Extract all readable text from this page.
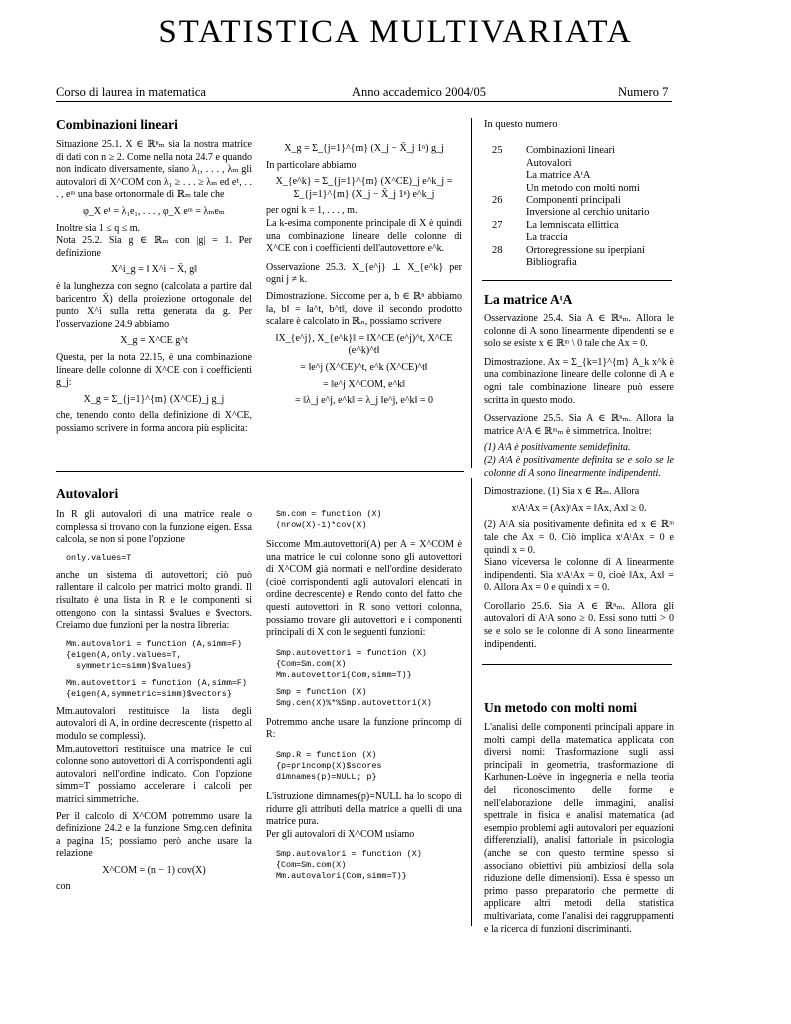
STATISTICA MULTIVARIATA
Corso di laurea in matematica	Anno accademico 2004/05	Numero 7
Combinazioni lineari

Situazione 25.1. X ∈ ℝⁿₘ sia la nostra matrice di dati con n ≥ 2. Come nella nota 24.7 e quando non indicato diversamente, siano λ₁, . . . , λₘ gli autovalori di X^COM con λ₁ ≥ . . . ≥ λₘ ed e¹, . . . , eᵐ una base ortonormale di ℝₘ tale che

φ_X e¹ = λ₁e₁, . . . , φ_X eᵐ = λₘeₘ

Inoltre sia 1 ≤ q ≤ m.

Nota 25.2. Sia g ∈ ℝₘ con |g| = 1. Per definizione

X^i_g = ‖ X^i − X̄, g‖

è la lunghezza con segno (calcolata a partire dal baricentro X̄) della proiezione ortogonale del punto X^i sulla retta generata da g. Per l'osservazione 24.9 abbiamo

X_g = X^CE g^t

Questa, per la nota 22.15, è una combinazione lineare delle colonne di X^CE con i coefficienti g_j:

X_g = Σ_{j=1}^{m} (X^CE)_j g_j

che, tenendo conto della definizione di X^CE, possiamo scrivere in forma ancora più esplicita:

X_g = Σ_{j=1}^{m} (X_j − X̄_j 1ⁿ) g_j

In particolare abbiamo

X_{e^k} = Σ_{j=1}^{m} (X^CE)_j e^k_j = Σ_{j=1}^{m} (X_j − X̄_j 1ⁿ) e^k_j

per ogni k = 1, . . . , m.

La k-esima componente principale di X è quindi una combinazione lineare delle colonne di X^CE con i coefficienti dell'autovettore e^k.

Osservazione 25.3. X_{e^j} ⊥ X_{e^k} per ogni j ≠ k.

Dimostrazione. Siccome per a, b ∈ ℝⁿ abbiamo ‖a, b‖ = ‖a^t, b^t‖, dove il secondo prodotto scalare è calcolato in ℝₙ, possiamo scrivere

‖X_{e^j}, X_{e^k}‖ = ‖X^CE (e^j)^t, X^CE (e^k)^t‖

= ‖e^j (X^CE)^t, e^k (X^CE)^t‖

= ‖e^j X^COM, e^k‖

= ‖λ_j e^j, e^k‖ = λ_j ‖e^j, e^k‖ = 0

In questo numero
25	Combinazioni lineari
Autovalori
La matrice AᵗA
Un metodo con molti nomi
26	Componenti principali
Inversione al cerchio unitario
27	La lemniscata ellittica
La traccia
28	Ortoregressione su iperpiani
Bibliografia
La matrice AᵗA

Osservazione 25.4. Sia A ∈ ℝⁿₘ. Allora le colonne di A sono linearmente dipendenti se e solo se esiste x ∈ ℝᵐ \ 0 tale che Ax = 0.

Dimostrazione. Ax = Σ_{k=1}^{m} A_k x^k è una combinazione lineare delle colonne di A e ogni tale combinazione lineare può essere scritta in questo modo.

Osservazione 25.5. Sia A ∈ ℝⁿₘ. Allora la matrice AᵗA ∈ ℝᵐₘ è simmetrica. Inoltre:

(1) AᵗA è positivamente semidefinita.

(2) AᵗA è positivamente definita se e solo se le colonne di A sono linearmente indipendenti.

Dimostrazione. (1) Sia x ∈ ℝₘ. Allora

xᵗAᵗAx = (Ax)ᵗAx = ‖Ax, Ax‖ ≥ 0.

(2) AᵗA sia positivamente definita ed x ∈ ℝᵐ tale che Ax = 0. Ciò implica xᵗAᵗAx = 0 e quindi x = 0.

Siano viceversa le colonne di A linearmente indipendenti. Sia xᵗAᵗAx = 0, cioè ‖Ax, Ax‖ = 0. Allora Ax = 0 e quindi x = 0.

Corollario 25.6. Sia A ∈ ℝⁿₘ. Allora gli autovalori di AᵗA sono ≥ 0. Essi sono tutti > 0 se e solo se le colonne di A sono linearmente indipendenti.

Un metodo con molti nomi

L'analisi delle componenti principali appare in molti campi della matematica applicata con diversi nomi: Trasformazione sugli assi principali in geometria, trasformazione di Karhunen-Loève in ingegneria e nella teoria del riconoscimento delle forme e nell'elaborazione delle immagini, analisi spettrale in fisica e analisi matematica (ad esempio problemi agli autovalori per equazioni differenziali), analisi fattoriale in psicologia (anche se con questo termine spesso si associano obiettivi più ambiziosi della sola riduzione delle dimensioni). Essa è spesso un primo passo preparatorio che permette di applicare altri metodi della statistica multivariata, come l'analisi dei raggruppamenti e la ricerca di funzioni discriminanti.

Autovalori

In R gli autovalori di una matrice reale o complessa si trovano con la funzione eigen. Essa calcola, se non si pone l'opzione

only.values=T

anche un sistema di autovettori; ciò può rallentare il calcolo per matrici molto grandi. Il risultato è una lista in R e le componenti si ottengono con la sintassi $values e $vectors. Creiamo due funzioni per la nostra libreria:

Mm.autovalori = function (A,simm=F)
{eigen(A,only.values=T,
symmetric=simm)$values}

Mm.autovettori = function (A,simm=F)
{eigen(A,symmetric=simm)$vectors}

Mm.autovalori restituisce la lista degli autovalori di A, in ordine decrescente (rispetto al modulo se complessi).

Mm.autovettori restituisce una matrice le cui colonne sono autovettori di A corrispondenti agli autovalori nell'ordine indicato. Con l'opzione simm=T possiamo accelerare i calcoli per matrici simmetriche.

Per il calcolo di X^COM potremmo usare la definizione 24.2 e la funzione Smg.cen definita a pagina 15; possiamo però anche usare la relazione

X^COM = (n − 1) cov(X)

con

Sm.com = function (X)
(nrow(X)-1)*cov(X)

Siccome Mm.autovettori(A) per A = X^COM è una matrice le cui colonne sono gli autovettori di X^COM già normati e nell'ordine desiderato (cioè corrispondenti agli autovalori elencati in ordine decrescente) e Rendo conto del fatto che questi autovettori in R sono vettori colonna, possiamo trovare gli autovettori e i componenti principali di X con le seguenti funzioni:

Smp.autovettori = function (X)
{Com=Sm.com(X)
Mm.autovettori(Com,simm=T)}

Smp = function (X)
Smg.cen(X)%*%Smp.autovettori(X)

Potremmo anche usare la funzione princomp di R:

Smp.R = function (X)
{p=princomp(X)$scores
dimnames(p)=NULL; p}

L'istruzione dimnames(p)=NULL ha lo scopo di ridurre gli attributi della matrice a quelli di una matrice pura.

Per gli autovalori di X^COM usiamo

Smp.autovalori = function (X)
{Com=Sm.com(X)
Mm.autovalori(Com,simm=T)}
